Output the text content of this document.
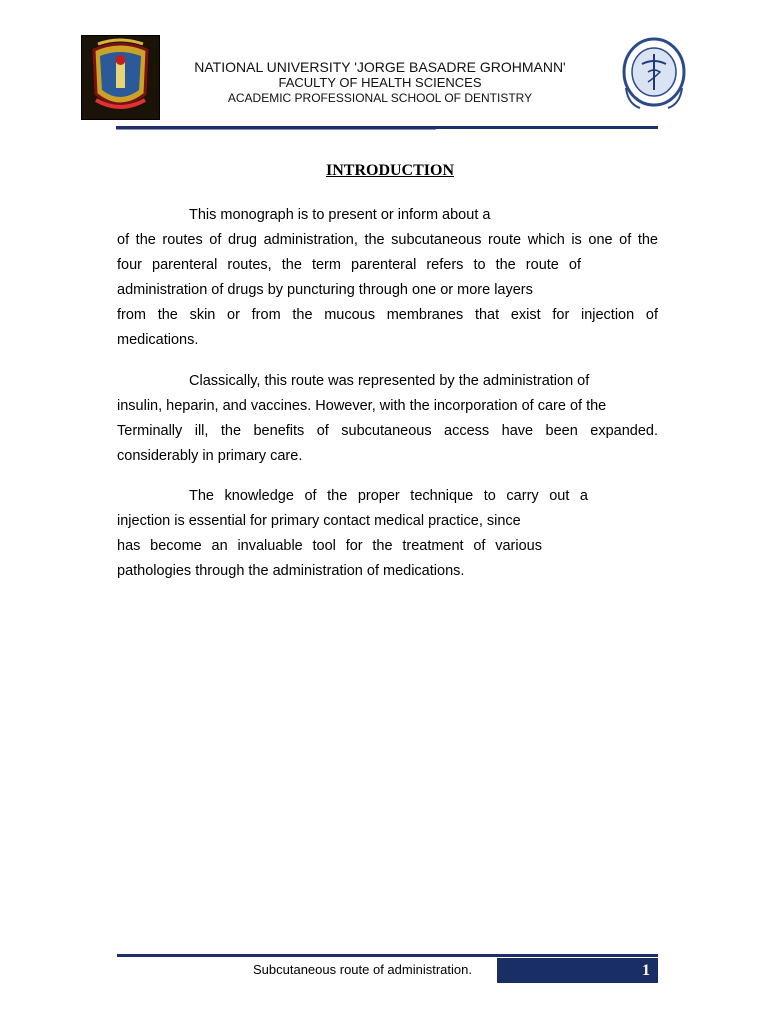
NATIONAL UNIVERSITY 'JORGE BASADRE GROHMANN'
FACULTY OF HEALTH SCIENCES
ACADEMIC PROFESSIONAL SCHOOL OF DENTISTRY
INTRODUCTION
This monograph is to present or inform about a
of the routes of drug administration, the subcutaneous route which is one of the
four parenteral routes, the term parenteral refers to the route of
administration of drugs by puncturing through one or more layers
from the skin or from the mucous membranes that exist for injection of
medications.
Classically, this route was represented by the administration of
insulin, heparin, and vaccines. However, with the incorporation of care of the
Terminally ill, the benefits of subcutaneous access have been expanded.
considerably in primary care.
The knowledge of the proper technique to carry out a
injection is essential for primary contact medical practice, since
has become an invaluable tool for the treatment of various
pathologies through the administration of medications.
Subcutaneous route of administration.	1
